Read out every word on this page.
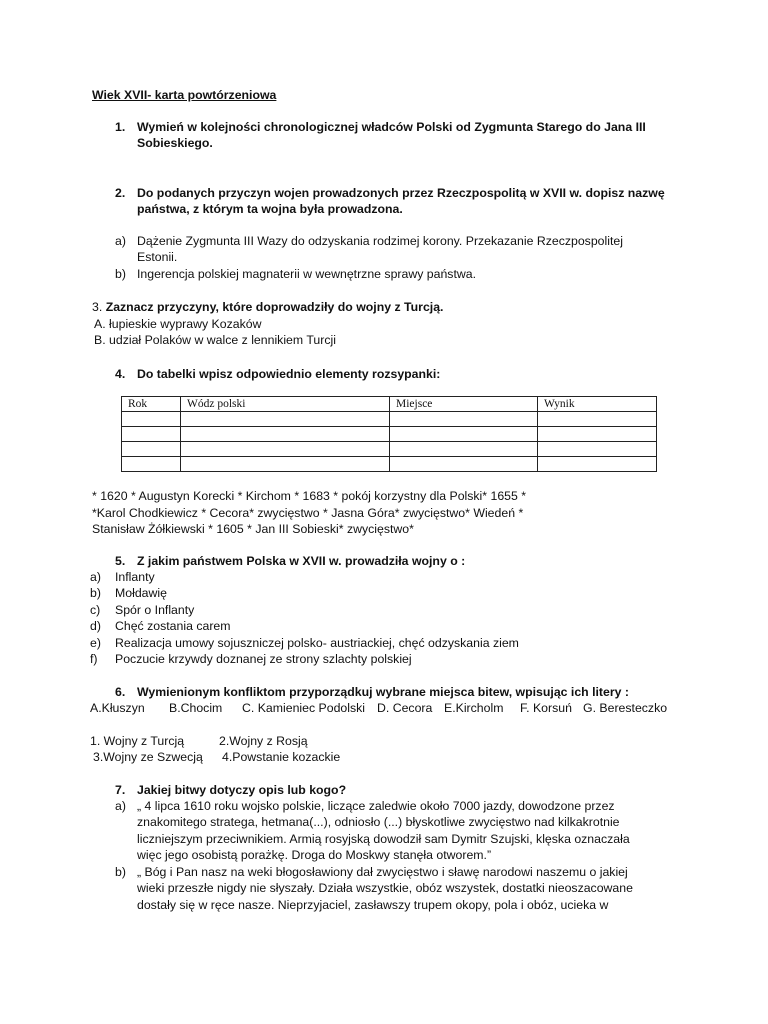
Wiek XVII- karta powtórzeniowa
1. Wymień w kolejności chronologicznej władców Polski od Zygmunta Starego do Jana III
Sobieskiego.
2. Do podanych przyczyn wojen prowadzonych przez Rzeczpospolitą w XVII w. dopisz nazwę
państwa, z którym ta wojna była prowadzona.
a) Dążenie Zygmunta III Wazy do odzyskania rodzimej korony. Przekazanie Rzeczpospolitej
Estonii.
b) Ingerencja polskiej magnaterii w wewnętrzne sprawy państwa.
3. Zaznacz przyczyny, które doprowadziły do wojny z Turcją.
A. łupieskie wyprawy Kozaków
B. udział Polaków w walce z lennikiem Turcji
4. Do tabelki wpisz odpowiednio elementy rozsypanki:
Rok	Wódz polski	Miejsce	Wynik

* 1620 * Augustyn Korecki * Kirchom * 1683 * pokój korzystny dla Polski* 1655 *
*Karol Chodkiewicz * Cecora* zwycięstwo * Jasna Góra* zwycięstwo* Wiedeń *
Stanisław Żółkiewski * 1605 * Jan III Sobieski* zwycięstwo*
5. Z jakim państwem Polska w XVII w. prowadziła wojny o :
a) Inflanty
b) Mołdawię
c) Spór o Inflanty
d) Chęć zostania carem
e) Realizacja umowy sojuszniczej polsko- austriackiej, chęć odzyskania ziem
f) Poczucie krzywdy doznanej ze strony szlachty polskiej
6. Wymienionym konfliktom przyporządkuj wybrane miejsca bitew, wpisując ich litery :
A.Kłuszyn B.Chocim C. Kamieniec Podolski D. Cecora E.Kircholm F. Korsuń G. Beresteczko
1. Wojny z Turcją	2.Wojny z Rosją
3.Wojny ze Szwecją 4.Powstanie kozackie
7. Jakiej bitwy dotyczy opis lub kogo?
a) „ 4 lipca 1610 roku wojsko polskie, liczące zaledwie około 7000 jazdy, dowodzone przez
znakomitego stratega, hetmana(...), odniosło (...) błyskotliwe zwycięstwo nad kilkakrotnie
liczniejszym przeciwnikiem. Armią rosyjską dowodził sam Dymitr Szujski, klęska oznaczała
więc jego osobistą porażkę. Droga do Moskwy stanęła otworem.”
b) „ Bóg i Pan nasz na weki błogosławiony dał zwycięstwo i sławę narodowi naszemu o jakiej
wieki przeszłe nigdy nie słyszały. Działa wszystkie, obóz wszystek, dostatki nieoszacowane
dostały się w ręce nasze. Nieprzyjaciel, zasławszy trupem okopy, pola i obóz, ucieka w
